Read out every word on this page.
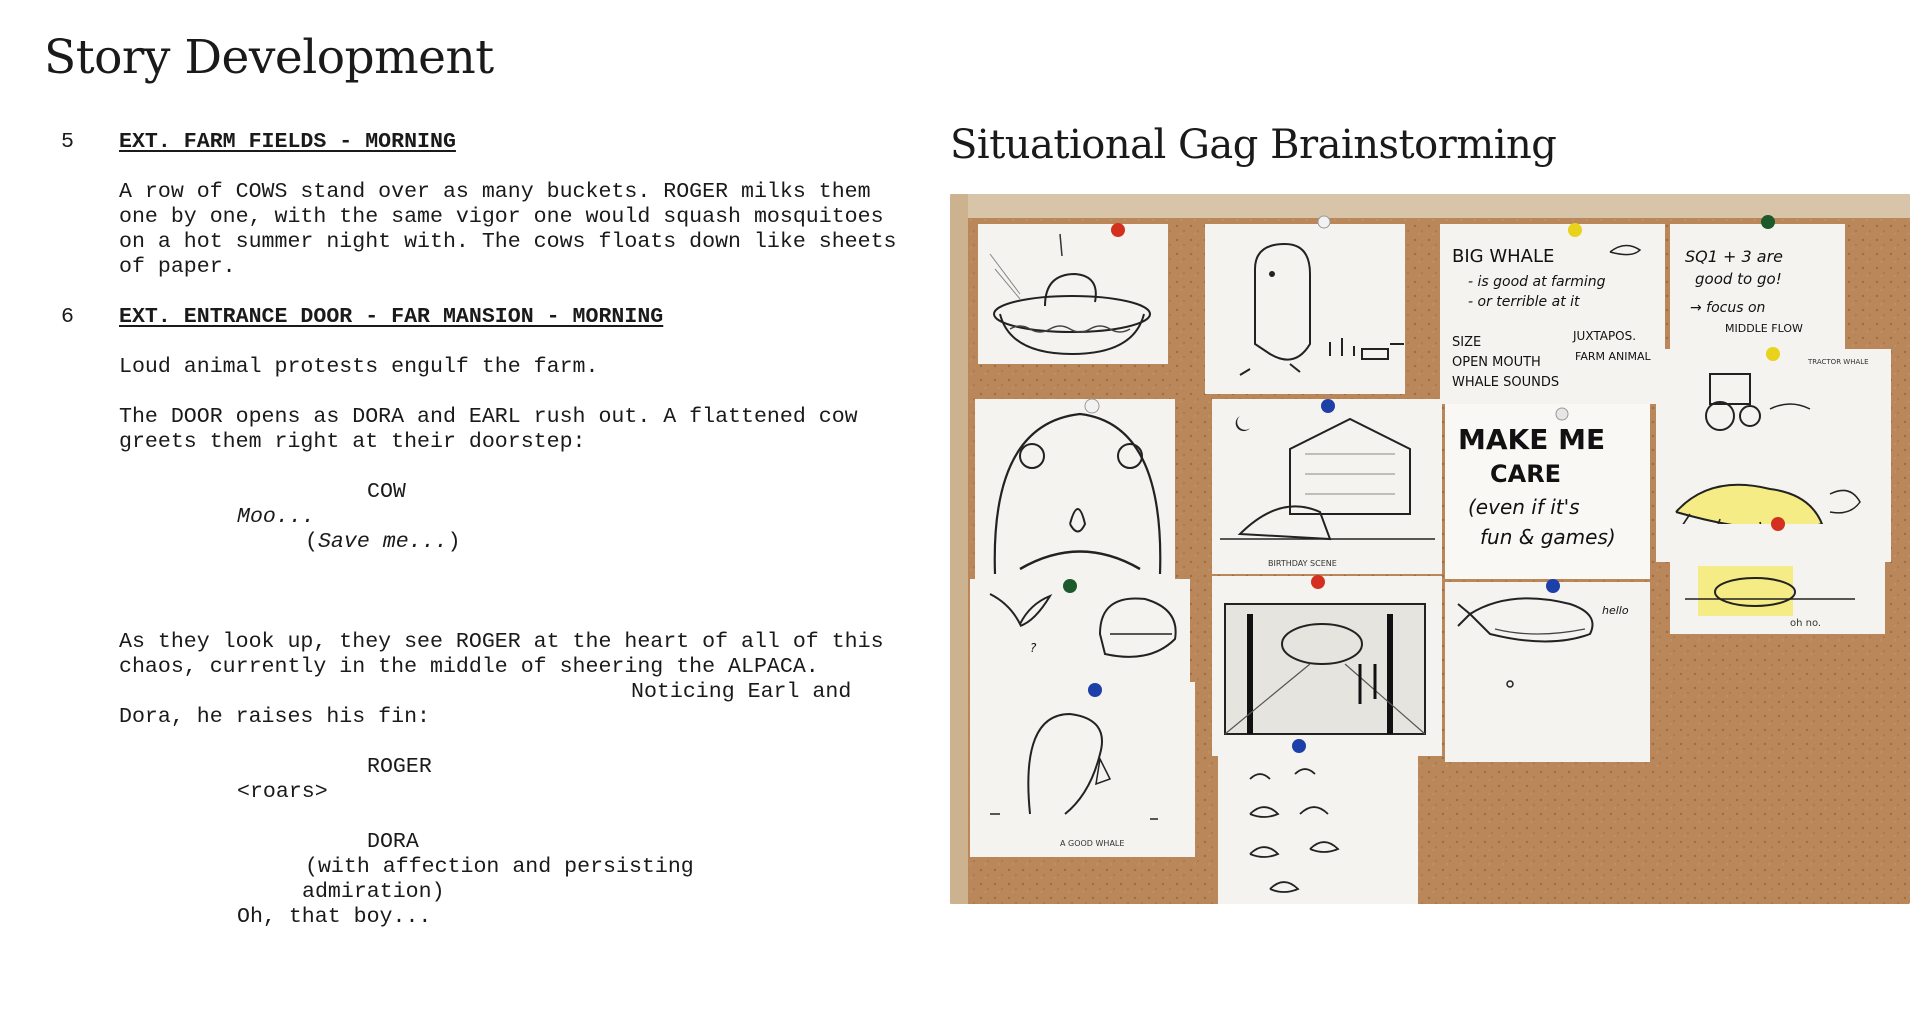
Story Development
5 EXT. FARM FIELDS - MORNING
A row of COWS stand over as many buckets. ROGER milks them
one by one, with the same vigor one would squash mosquitoes
on a hot summer night with. The cows floats down like sheets
of paper.
6 EXT. ENTRANCE DOOR - FAR MANSION - MORNING
Loud animal protests engulf the farm.
The DOOR opens as DORA and EARL rush out. A flattened cow
greets them right at their doorstep:
COW
Moo...
(Save me...)
As they look up, they see ROGER at the heart of all of this
chaos, currently in the middle of sheering the ALPACA.
Noticing Earl and
Dora, he raises his fin:
ROGER
<roars>
DORA
(with affection and persisting
admiration)
Oh, that boy...
Situational Gag Brainstorming
BIG WHALE
- is good at farming
- or terrible at it
SIZE	JUXTAPOS.
OPEN MOUTH	FARM ANIMAL
WHALE SOUNDS
SQ1 + 3 are
good to go!
→ focus on
MIDDLE FLOW
BIRTHDAY SCENE
MAKE ME
CARE
(even if it's
fun & games)
TRACTOR WHALE
oh no.
?
hello
A GOOD WHALE
